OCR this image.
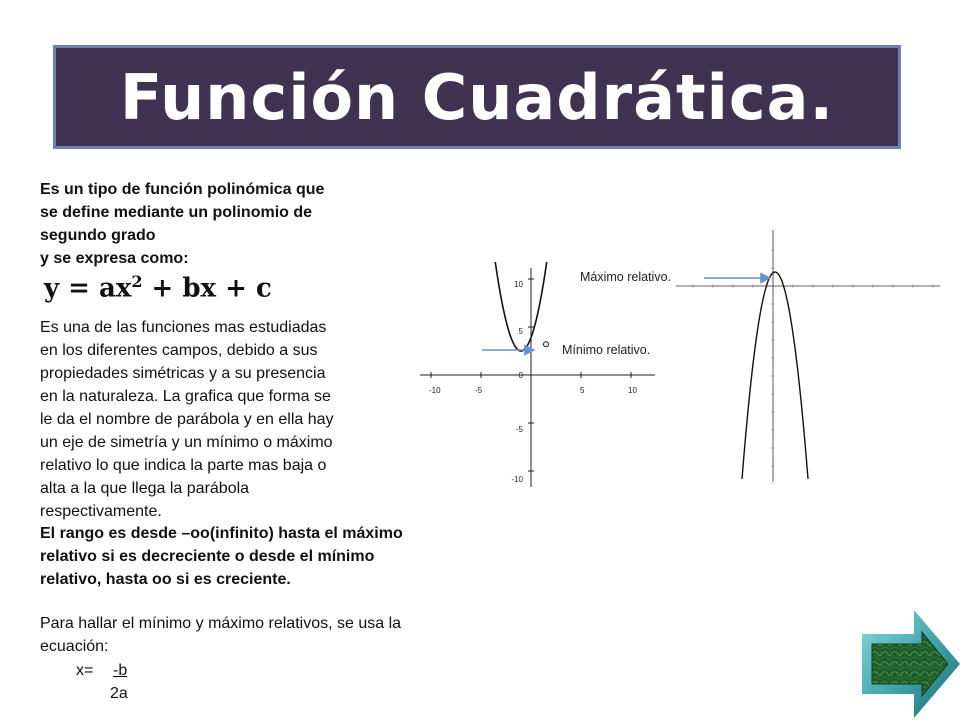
Función Cuadrática.
Es un tipo de función polinómica que
se define mediante un polinomio de
segundo grado
y se expresa como:
$y = ax^2$ + bx + c
Es una de las funciones mas estudiadas
en los diferentes campos, debido a sus
propiedades simétricas y a su presencia
en la naturaleza. La grafica que forma se
le da el nombre de parábola y en ella hay
un eje de simetría y un mínimo o máximo
relativo lo que indica la parte mas baja o
alta a la que llega la parábola
respectivamente.
El rango es desde –oo(infinito) hasta el máximo
relativo si es decreciente o desde el mínimo
relativo, hasta oo si es creciente.
Para hallar el mínimo y máximo relativos, se usa la
ecuación:
x= -b
2a
-10	-5	5	10
10
5
0
-5
-10
Máximo relativo.
Mínimo relativo.
